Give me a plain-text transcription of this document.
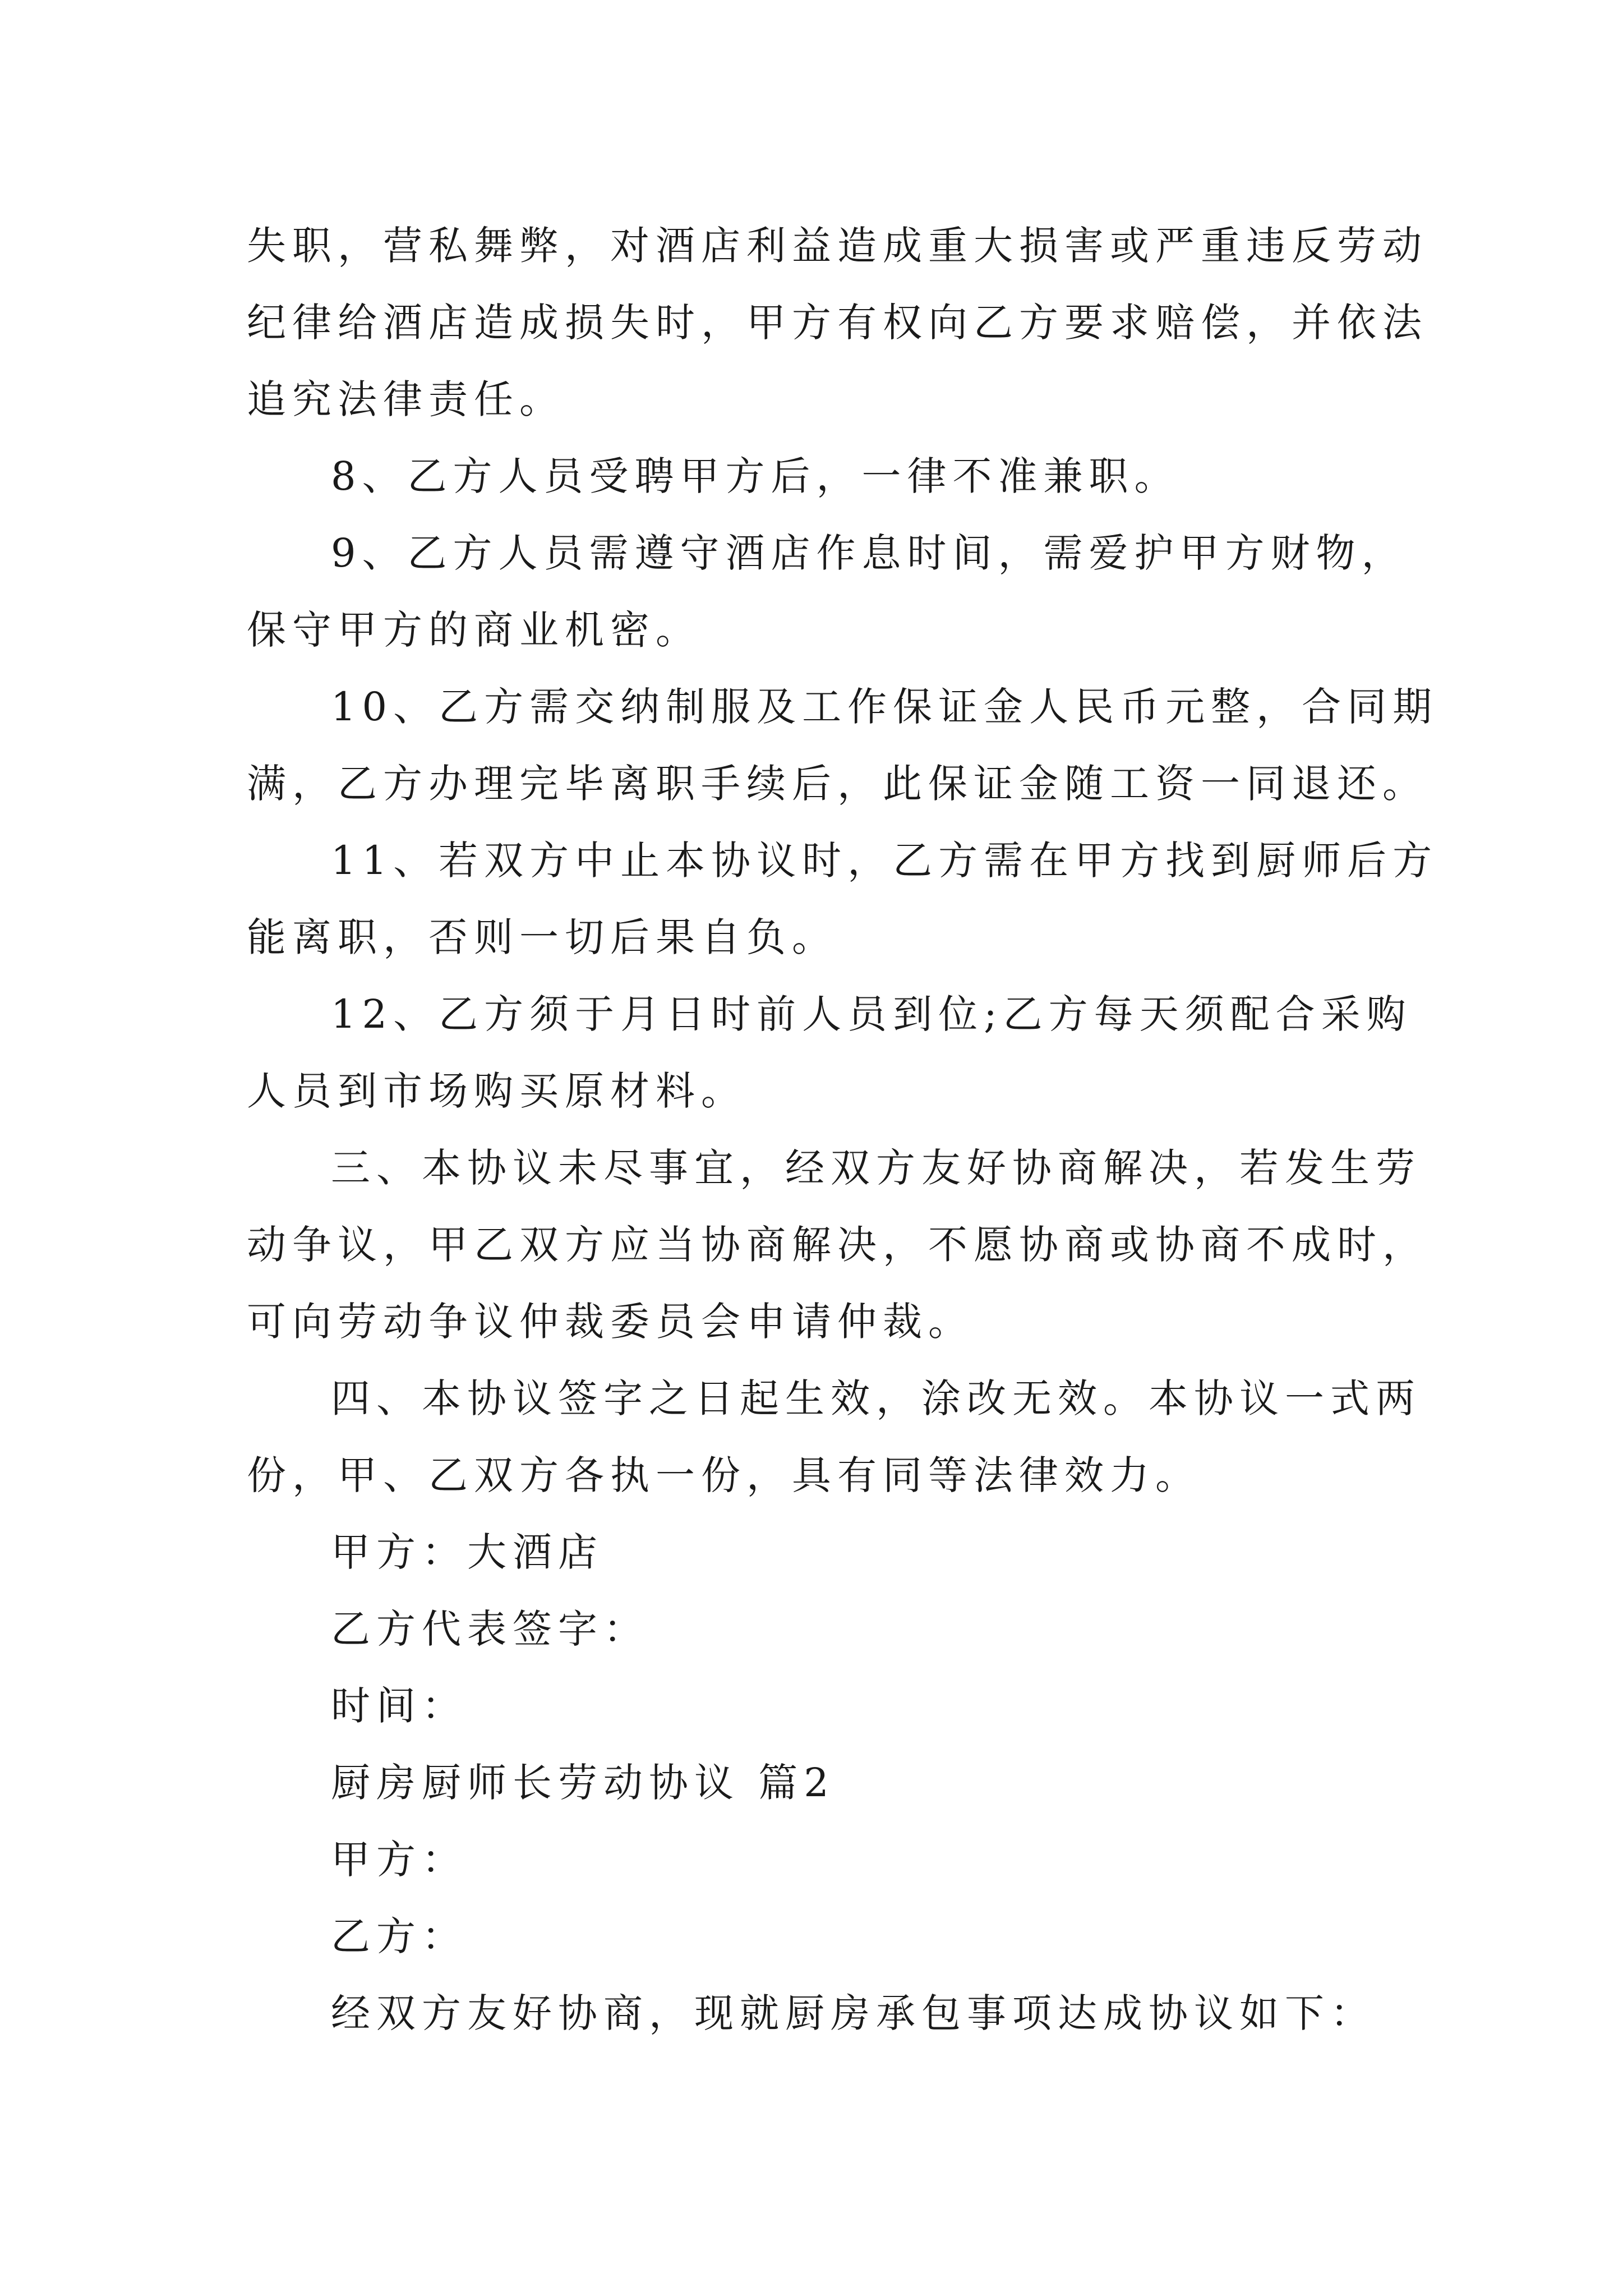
失职，营私舞弊，对酒店利益造成重大损害或严重违反劳动
纪律给酒店造成损失时，甲方有权向乙方要求赔偿，并依法
追究法律责任。
8、乙方人员受聘甲方后，一律不准兼职。
9、乙方人员需遵守酒店作息时间，需爱护甲方财物，
保守甲方的商业机密。
10、乙方需交纳制服及工作保证金人民币元整，合同期
满，乙方办理完毕离职手续后，此保证金随工资一同退还。
11、若双方中止本协议时，乙方需在甲方找到厨师后方
能离职，否则一切后果自负。
12、乙方须于月日时前人员到位;乙方每天须配合采购
人员到市场购买原材料。
三、本协议未尽事宜，经双方友好协商解决，若发生劳
动争议，甲乙双方应当协商解决，不愿协商或协商不成时，
可向劳动争议仲裁委员会申请仲裁。
四、本协议签字之日起生效，涂改无效。本协议一式两
份，甲、乙双方各执一份，具有同等法律效力。
甲方：大酒店
乙方代表签字：
时间：
厨房厨师长劳动协议 篇2
甲方：
乙方：
经双方友好协商，现就厨房承包事项达成协议如下：
